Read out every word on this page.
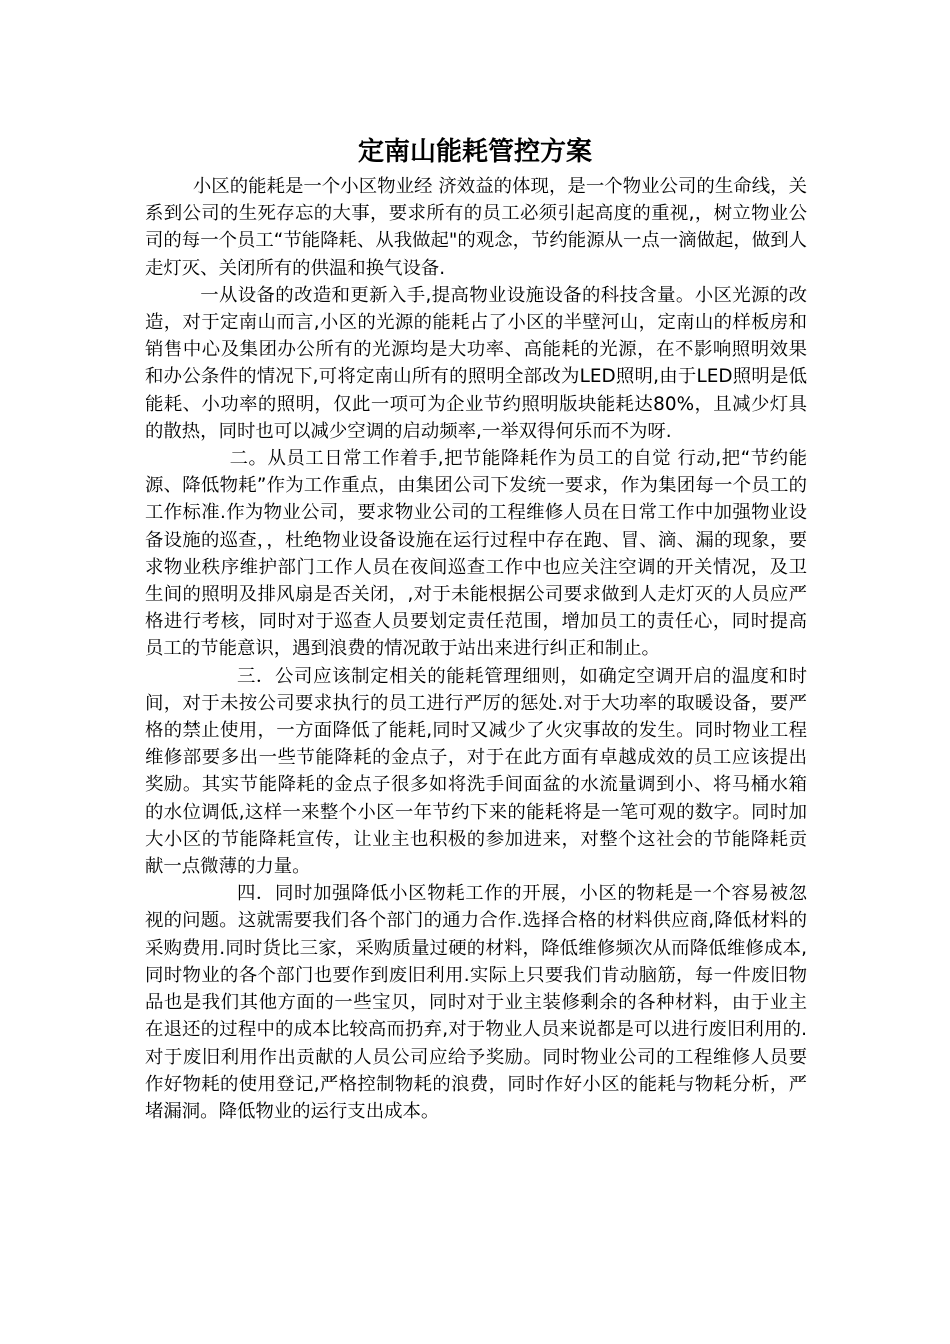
定南山能耗管控方案

小区的能耗是一个小区物业经 济效益的体现，是一个物业公司的生命线，关系到公司的生死存忘的大事，要求所有的员工必须引起高度的重视,，树立物业公司的每一个员工“节能降耗、从我做起"的观念，节约能源从一点一滴做起，做到人走灯灭、关闭所有的供温和换气设备.

一从设备的改造和更新入手,提高物业设施设备的科技含量。小区光源的改造，对于定南山而言,小区的光源的能耗占了小区的半壁河山，定南山的样板房和销售中心及集团办公所有的光源均是大功率、高能耗的光源，在不影响照明效果和办公条件的情况下,可将定南山所有的照明全部改为LED照明,由于LED照明是低能耗、小功率的照明，仅此一项可为企业节约照明版块能耗达80%，且减少灯具的散热，同时也可以减少空调的启动频率,一举双得何乐而不为呀.

二。从员工日常工作着手,把节能降耗作为员工的自觉 行动,把“节约能源、降低物耗”作为工作重点，由集团公司下发统一要求，作为集团每一个员工的工作标准.作为物业公司，要求物业公司的工程维修人员在日常工作中加强物业设备设施的巡查，，杜绝物业设备设施在运行过程中存在跑、冒、滴、漏的现象，要求物业秩序维护部门工作人员在夜间巡查工作中也应关注空调的开关情况，及卫生间的照明及排风扇是否关闭，,对于未能根据公司要求做到人走灯灭的人员应严格进行考核，同时对于巡查人员要划定责任范围，增加员工的责任心，同时提高员工的节能意识，遇到浪费的情况敢于站出来进行纠正和制止。

三．公司应该制定相关的能耗管理细则，如确定空调开启的温度和时间，对于未按公司要求执行的员工进行严厉的惩处.对于大功率的取暖设备，要严格的禁止使用，一方面降低了能耗,同时又减少了火灾事故的发生。同时物业工程维修部要多出一些节能降耗的金点子，对于在此方面有卓越成效的员工应该提出奖励。其实节能降耗的金点子很多如将洗手间面盆的水流量调到小、将马桶水箱的水位调低,这样一来整个小区一年节约下来的能耗将是一笔可观的数字。同时加大小区的节能降耗宣传，让业主也积极的参加进来，对整个这社会的节能降耗贡献一点微薄的力量。

四．同时加强降低小区物耗工作的开展，小区的物耗是一个容易被忽视的问题。这就需要我们各个部门的通力合作.选择合格的材料供应商,降低材料的采购费用.同时货比三家，采购质量过硬的材料，降低维修频次从而降低维修成本,同时物业的各个部门也要作到废旧利用.实际上只要我们肯动脑筋，每一件废旧物品也是我们其他方面的一些宝贝，同时对于业主装修剩余的各种材料，由于业主在退还的过程中的成本比较高而扔弃,对于物业人员来说都是可以进行废旧利用的.对于废旧利用作出贡献的人员公司应给予奖励。同时物业公司的工程维修人员要作好物耗的使用登记,严格控制物耗的浪费，同时作好小区的能耗与物耗分析，严堵漏洞。降低物业的运行支出成本。
